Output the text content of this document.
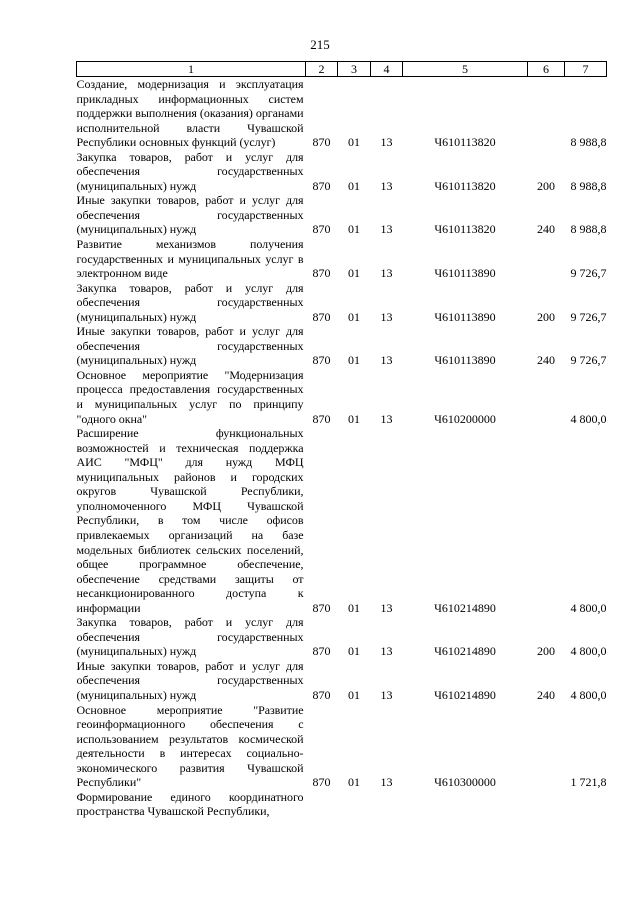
215
1	2	3	4	5	6	7
Создание, модернизация и эксплуатация прикладных информационных систем поддержки выполнения (оказания) органами исполнительной власти Чувашской Республики основных функций (услуг)	870	01	13	Ч610113820		8 988,8
Закупка товаров, работ и услуг для обеспечения государственных (муниципальных) нужд	870	01	13	Ч610113820	200	8 988,8
Иные закупки товаров, работ и услуг для обеспечения государственных (муниципальных) нужд	870	01	13	Ч610113820	240	8 988,8
Развитие механизмов получения государственных и муниципальных услуг в электронном виде	870	01	13	Ч610113890		9 726,7
Закупка товаров, работ и услуг для обеспечения государственных (муниципальных) нужд	870	01	13	Ч610113890	200	9 726,7
Иные закупки товаров, работ и услуг для обеспечения государственных (муниципальных) нужд	870	01	13	Ч610113890	240	9 726,7
Основное мероприятие "Модернизация процесса предоставления государственных и муниципальных услуг по принципу "одного окна"	870	01	13	Ч610200000		4 800,0
Расширение функциональных возможностей и техническая поддержка АИС "МФЦ" для нужд МФЦ муниципальных районов и городских округов Чувашской Республики, уполномоченного МФЦ Чувашской Республики, в том числе офисов привлекаемых организаций на базе модельных библиотек сельских поселений, общее программное обеспечение, обеспечение средствами защиты от несанкционированного доступа к информации	870	01	13	Ч610214890		4 800,0
Закупка товаров, работ и услуг для обеспечения государственных (муниципальных) нужд	870	01	13	Ч610214890	200	4 800,0
Иные закупки товаров, работ и услуг для обеспечения государственных (муниципальных) нужд	870	01	13	Ч610214890	240	4 800,0
Основное мероприятие "Развитие геоинформационного обеспечения с использованием результатов космической деятельности в интересах социально-экономического развития Чувашской Республики"	870	01	13	Ч610300000		1 721,8
Формирование единого координатного пространства Чувашской Республики,						
